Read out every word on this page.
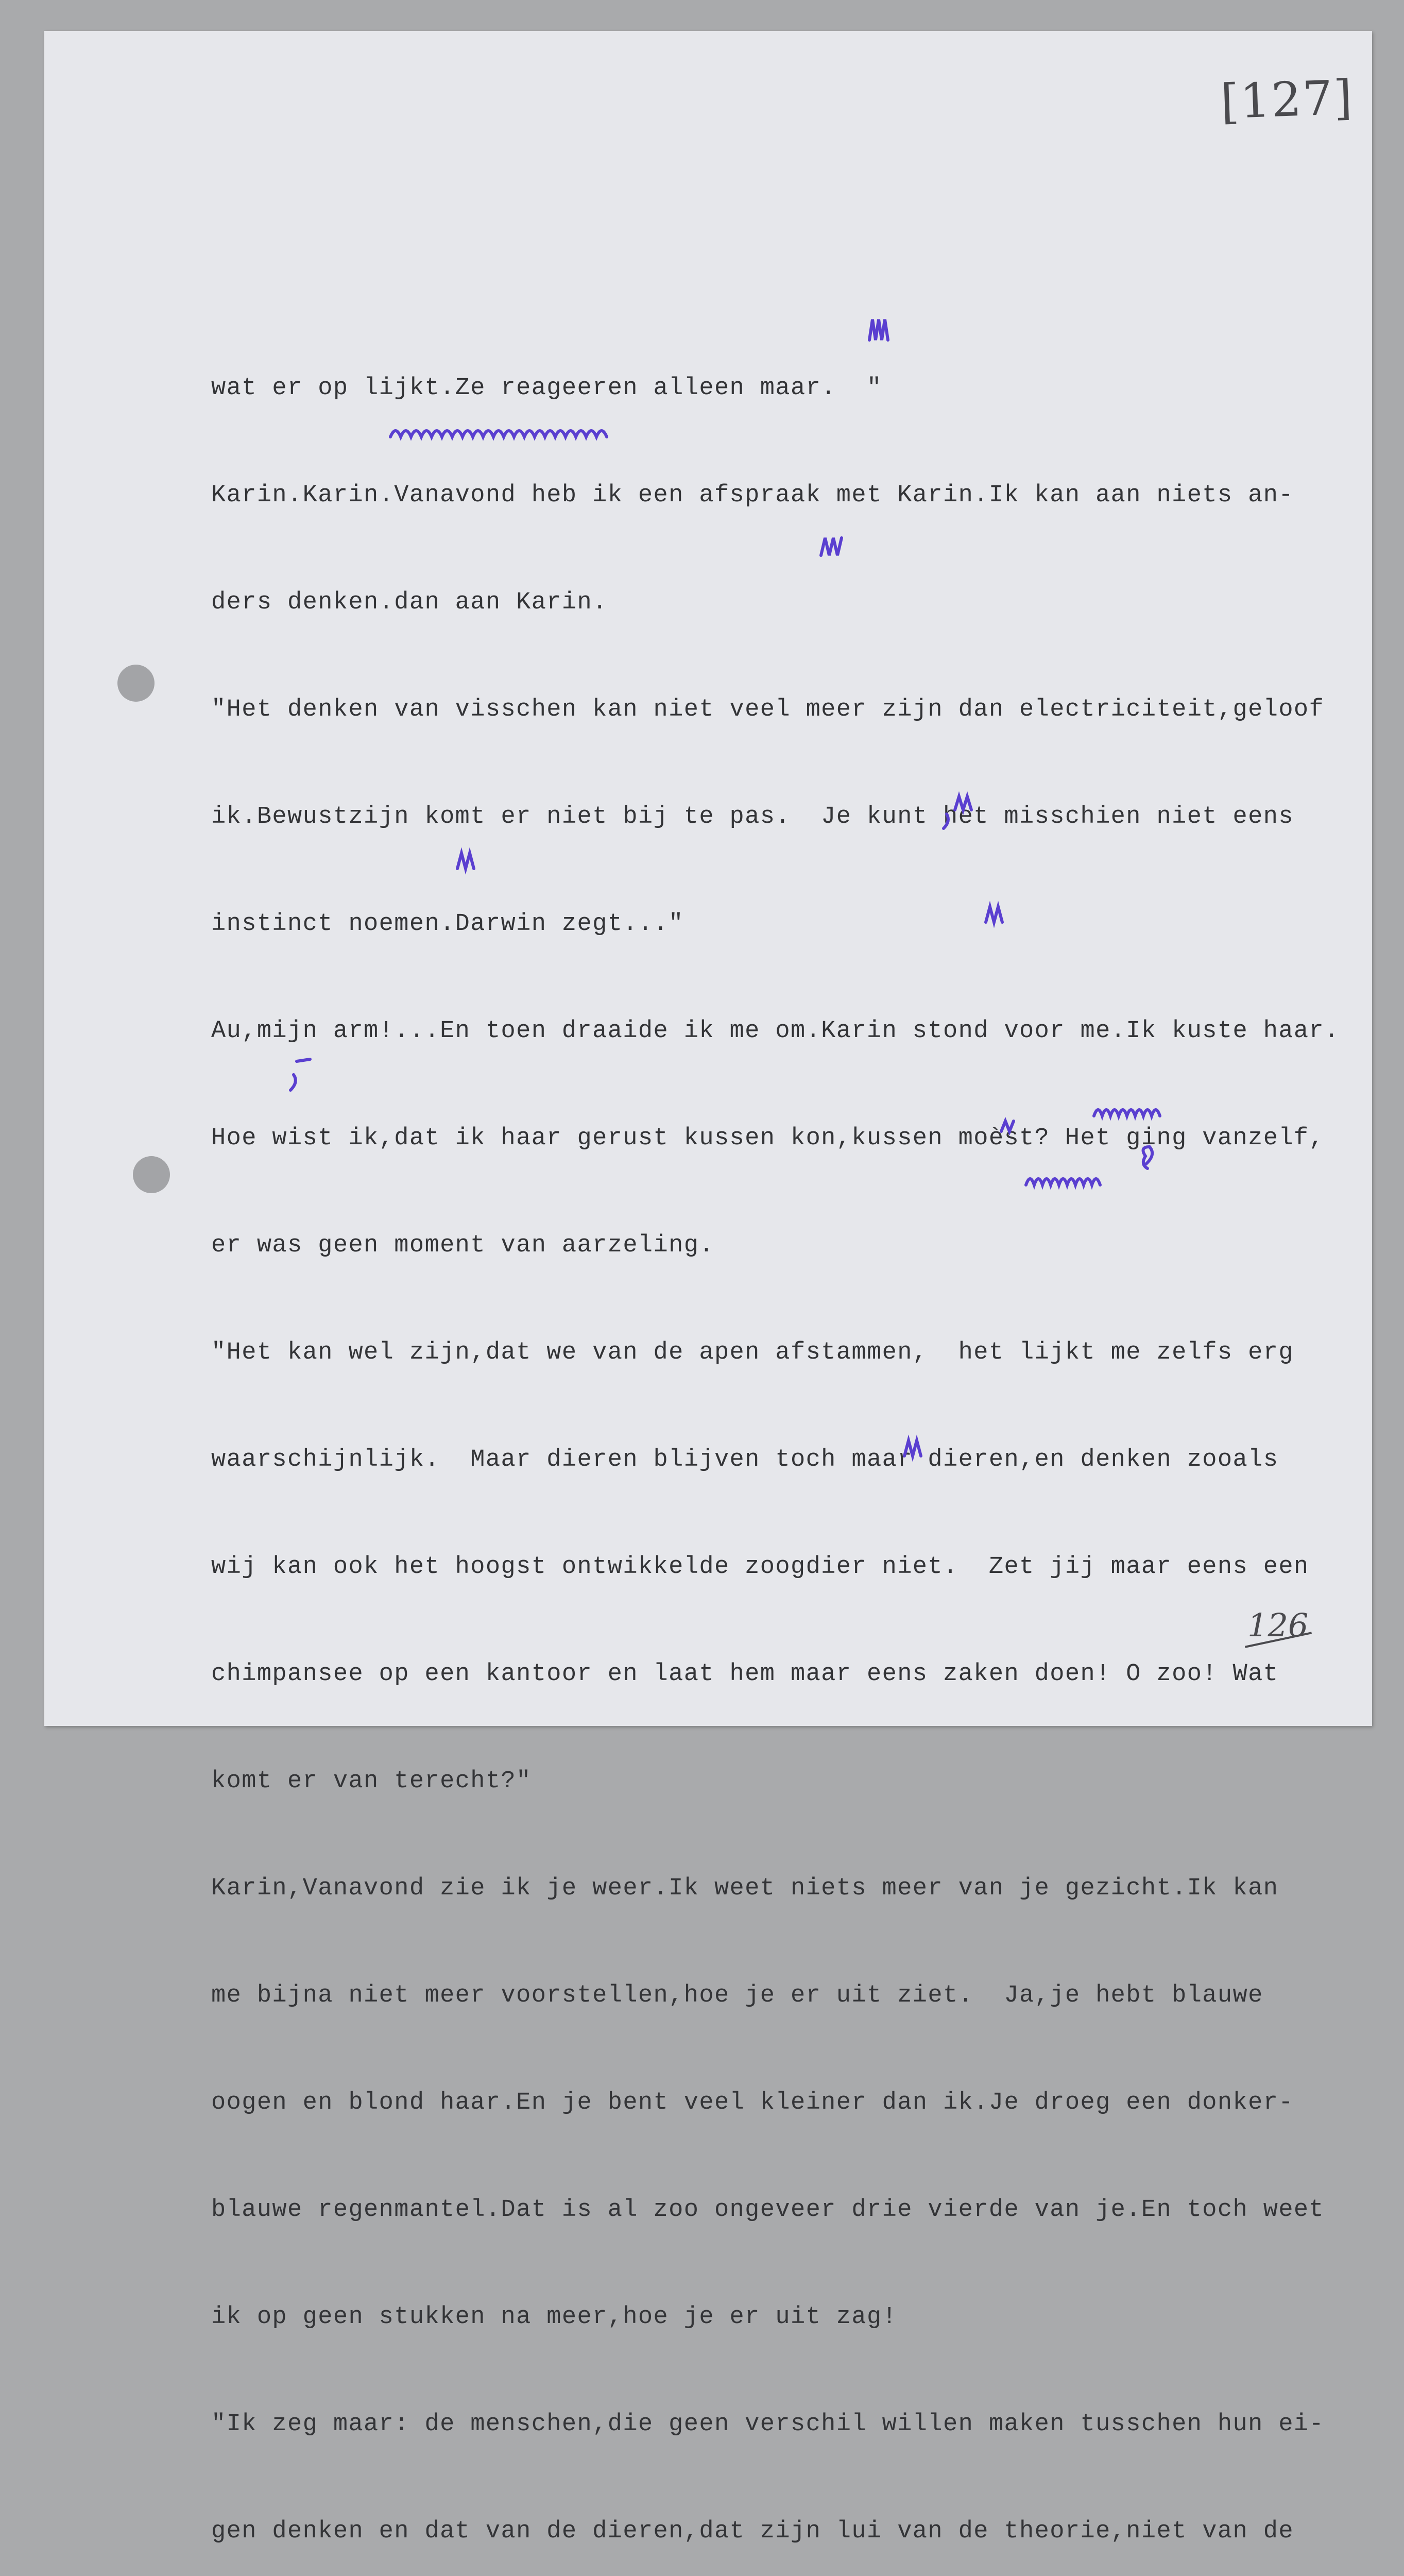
[127]
126

wat er op lijkt.Ze reageeren alleen maar.  "

Karin.Karin.Vanavond heb ik een afspraak met Karin.Ik kan aan niets an-

ders denken.dan aan Karin.

"Het denken van visschen kan niet veel meer zijn dan electriciteit,geloof

ik.Bewustzijn komt er niet bij te pas.  Je kunt het misschien niet eens

instinct noemen.Darwin zegt..."

Au,mijn arm!...En toen draaide ik me om.Karin stond voor me.Ik kuste haar.

Hoe wist ik,dat ik haar gerust kussen kon,kussen moèst? Het ging vanzelf,

er was geen moment van aarzeling.

"Het kan wel zijn,dat we van de apen afstammen,  het lijkt me zelfs erg

waarschijnlijk.  Maar dieren blijven toch maar dieren,en denken zooals

wij kan ook het hoogst ontwikkelde zoogdier niet.  Zet jij maar eens een

chimpansee op een kantoor en laat hem maar eens zaken doen! O zoo! Wat

komt er van terecht?"

Karin,Vanavond zie ik je weer.Ik weet niets meer van je gezicht.Ik kan

me bijna niet meer voorstellen,hoe je er uit ziet.  Ja,je hebt blauwe

oogen en blond haar.En je bent veel kleiner dan ik.Je droeg een donker-

blauwe regenmantel.Dat is al zoo ongeveer drie vierde van je.En toch weet

ik op geen stukken na meer,hoe je er uit zag!

"Ik zeg maar: de menschen,die geen verschil willen maken tusschen hun ei-

gen denken en dat van de dieren,dat zijn lui van de theorie,niet van de
